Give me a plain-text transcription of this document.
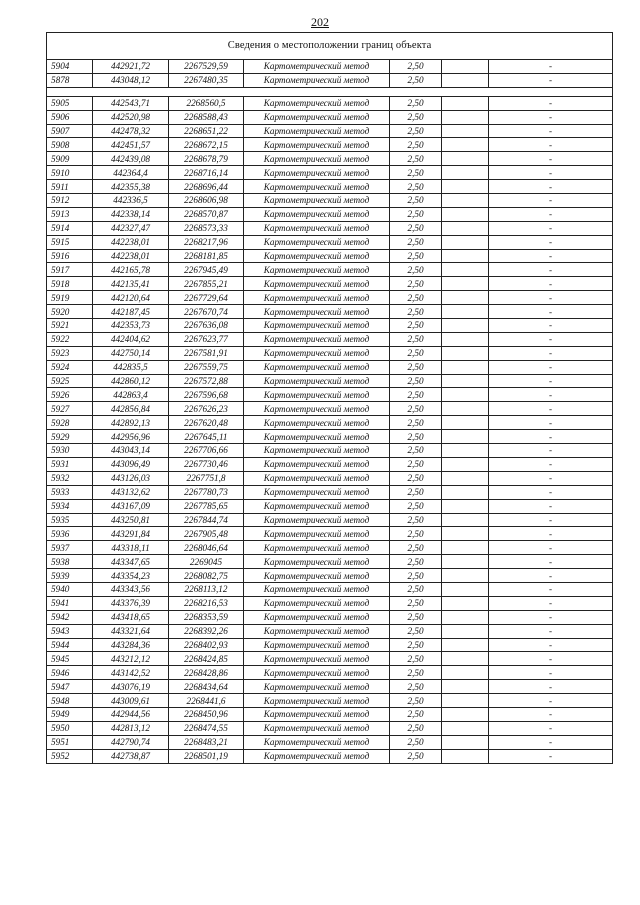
202
Сведения о местоположении границ объекта						
5904	442921,72	2267529,59	Картометрический метод	2,50		-
5878	443048,12	2267480,35	Картометрический метод	2,50		-

5905	442543,71	2268560,5	Картометрический метод	2,50		-
5906	442520,98	2268588,43	Картометрический метод	2,50		-
5907	442478,32	2268651,22	Картометрический метод	2,50		-
5908	442451,57	2268672,15	Картометрический метод	2,50		-
5909	442439,08	2268678,79	Картометрический метод	2,50		-
5910	442364,4	2268716,14	Картометрический метод	2,50		-
5911	442355,38	2268696,44	Картометрический метод	2,50		-
5912	442336,5	2268606,98	Картометрический метод	2,50		-
5913	442338,14	2268570,87	Картометрический метод	2,50		-
5914	442327,47	2268573,33	Картометрический метод	2,50		-
5915	442238,01	2268217,96	Картометрический метод	2,50		-
5916	442238,01	2268181,85	Картометрический метод	2,50		-
5917	442165,78	2267945,49	Картометрический метод	2,50		-
5918	442135,41	2267855,21	Картометрический метод	2,50		-
5919	442120,64	2267729,64	Картометрический метод	2,50		-
5920	442187,45	2267670,74	Картометрический метод	2,50		-
5921	442353,73	2267636,08	Картометрический метод	2,50		-
5922	442404,62	2267623,77	Картометрический метод	2,50		-
5923	442750,14	2267581,91	Картометрический метод	2,50		-
5924	442835,5	2267559,75	Картометрический метод	2,50		-
5925	442860,12	2267572,88	Картометрический метод	2,50		-
5926	442863,4	2267596,68	Картометрический метод	2,50		-
5927	442856,84	2267626,23	Картометрический метод	2,50		-
5928	442892,13	2267620,48	Картометрический метод	2,50		-
5929	442956,96	2267645,11	Картометрический метод	2,50		-
5930	443043,14	2267706,66	Картометрический метод	2,50		-
5931	443096,49	2267730,46	Картометрический метод	2,50		-
5932	443126,03	2267751,8	Картометрический метод	2,50		-
5933	443132,62	2267780,73	Картометрический метод	2,50		-
5934	443167,09	2267785,65	Картометрический метод	2,50		-
5935	443250,81	2267844,74	Картометрический метод	2,50		-
5936	443291,84	2267905,48	Картометрический метод	2,50		-
5937	443318,11	2268046,64	Картометрический метод	2,50		-
5938	443347,65	2269045	Картометрический метод	2,50		-
5939	443354,23	2268082,75	Картометрический метод	2,50		-
5940	443343,56	2268113,12	Картометрический метод	2,50		-
5941	443376,39	2268216,53	Картометрический метод	2,50		-
5942	443418,65	2268353,59	Картометрический метод	2,50		-
5943	443321,64	2268392,26	Картометрический метод	2,50		-
5944	443284,36	2268402,93	Картометрический метод	2,50		-
5945	443212,12	2268424,85	Картометрический метод	2,50		-
5946	443142,52	2268428,86	Картометрический метод	2,50		-
5947	443076,19	2268434,64	Картометрический метод	2,50		-
5948	443009,61	2268441,6	Картометрический метод	2,50		-
5949	442944,56	2268450,96	Картометрический метод	2,50		-
5950	442813,12	2268474,55	Картометрический метод	2,50		-
5951	442790,74	2268483,21	Картометрический метод	2,50		-
5952	442738,87	2268501,19	Картометрический метод	2,50		-
